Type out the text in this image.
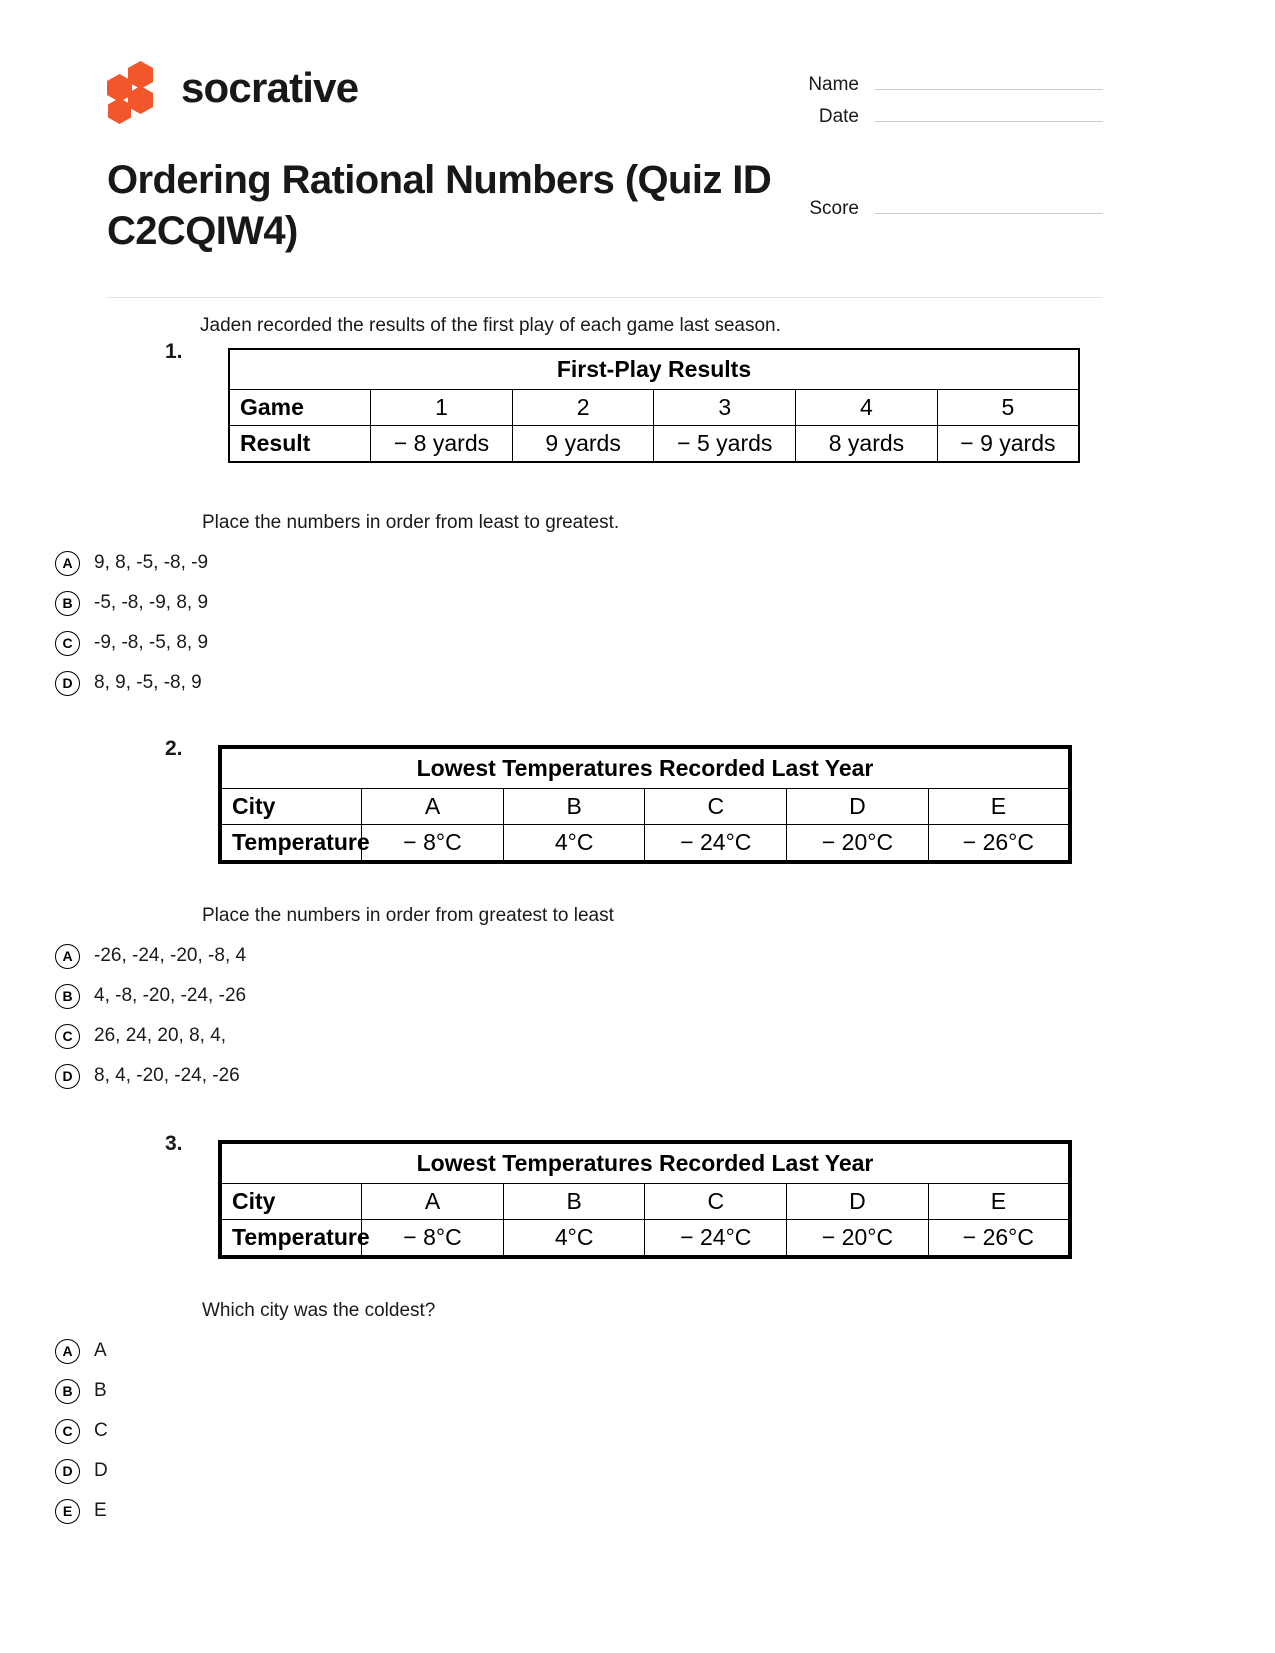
socrative	Name
Date
Score
Ordering Rational Numbers (Quiz ID C2CQIW4)
1.
Jaden recorded the results of the first play of each game last season.
First-Play Results					
Game	1	2	3	4	5
Result	− 8 yards	9 yards	− 5 yards	8 yards	− 9 yards
Place the numbers in order from least to greatest.
A	9, 8, -5, -8, -9
B	-5, -8, -9, 8, 9
C	-9, -8, -5, 8, 9
D	8, 9, -5, -8, 9
2.
Lowest Temperatures Recorded Last Year					
City	A	B	C	D	E
Temperature	− 8°C	4°C	− 24°C	− 20°C	− 26°C
Place the numbers in order from greatest to least
A	-26, -24, -20, -8, 4
B	4, -8, -20, -24, -26
C	26, 24, 20, 8, 4,
D	8, 4, -20, -24, -26
3.
Lowest Temperatures Recorded Last Year					
City	A	B	C	D	E
Temperature	− 8°C	4°C	− 24°C	− 20°C	− 26°C
Which city was the coldest?
A	A
B	B
C	C
D	D
E	E
